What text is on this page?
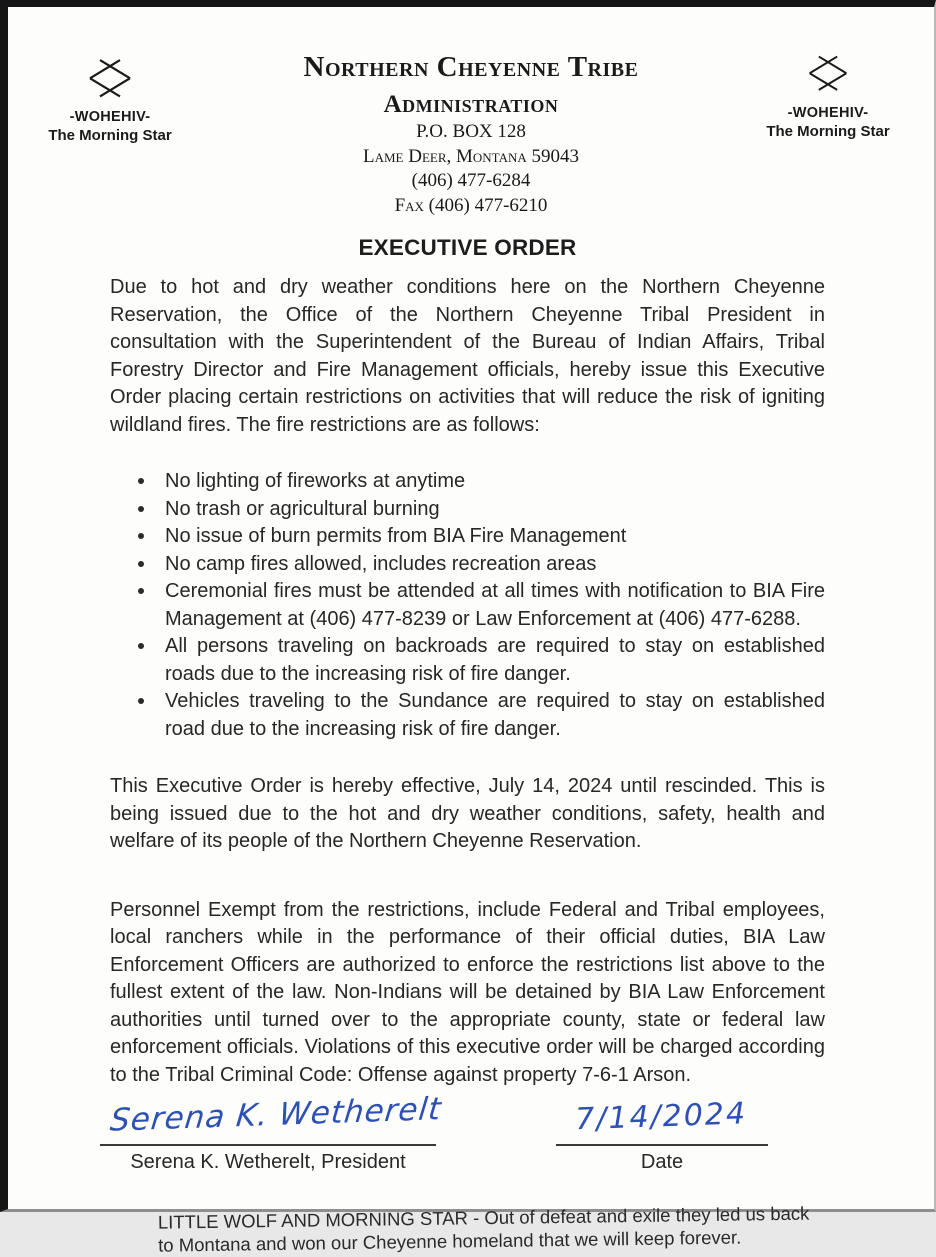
-WOHEHIV-
The Morning Star
-WOHEHIV-
The Morning Star
Northern Cheyenne Tribe
Administration
P.O. BOX 128
Lame Deer, Montana 59043
(406) 477-6284
Fax (406) 477-6210
EXECUTIVE ORDER

Due to hot and dry weather conditions here on the Northern Cheyenne Reservation, the Office of the Northern Cheyenne Tribal President in consultation with the Superintendent of the Bureau of Indian Affairs, Tribal Forestry Director and Fire Management officials, hereby issue this Executive Order placing certain restrictions on activities that will reduce the risk of igniting wildland fires. The fire restrictions are as follows:

No lighting of fireworks at anytime
No trash or agricultural burning
No issue of burn permits from BIA Fire Management
No camp fires allowed, includes recreation areas
Ceremonial fires must be attended at all times with notification to BIA Fire Management at (406) 477-8239 or Law Enforcement at (406) 477-6288.
All persons traveling on backroads are required to stay on established roads due to the increasing risk of fire danger.
Vehicles traveling to the Sundance are required to stay on established road due to the increasing risk of fire danger.

This Executive Order is hereby effective, July 14, 2024 until rescinded. This is being issued due to the hot and dry weather conditions, safety, health and welfare of its people of the Northern Cheyenne Reservation.

Personnel Exempt from the restrictions, include Federal and Tribal employees, local ranchers while in the performance of their official duties, BIA Law Enforcement Officers are authorized to enforce the restrictions list above to the fullest extent of the law. Non-Indians will be detained by BIA Law Enforcement authorities until turned over to the appropriate county, state or federal law enforcement officials. Violations of this executive order will be charged according to the Tribal Criminal Code: Offense against property 7-6-1 Arson.

Serena K. Wetherelt
Serena K. Wetherelt, President
7/14/2024
Date

LITTLE WOLF AND MORNING STAR - Out of defeat and exile they led us back to Montana and won our Cheyenne homeland that we will keep forever.
